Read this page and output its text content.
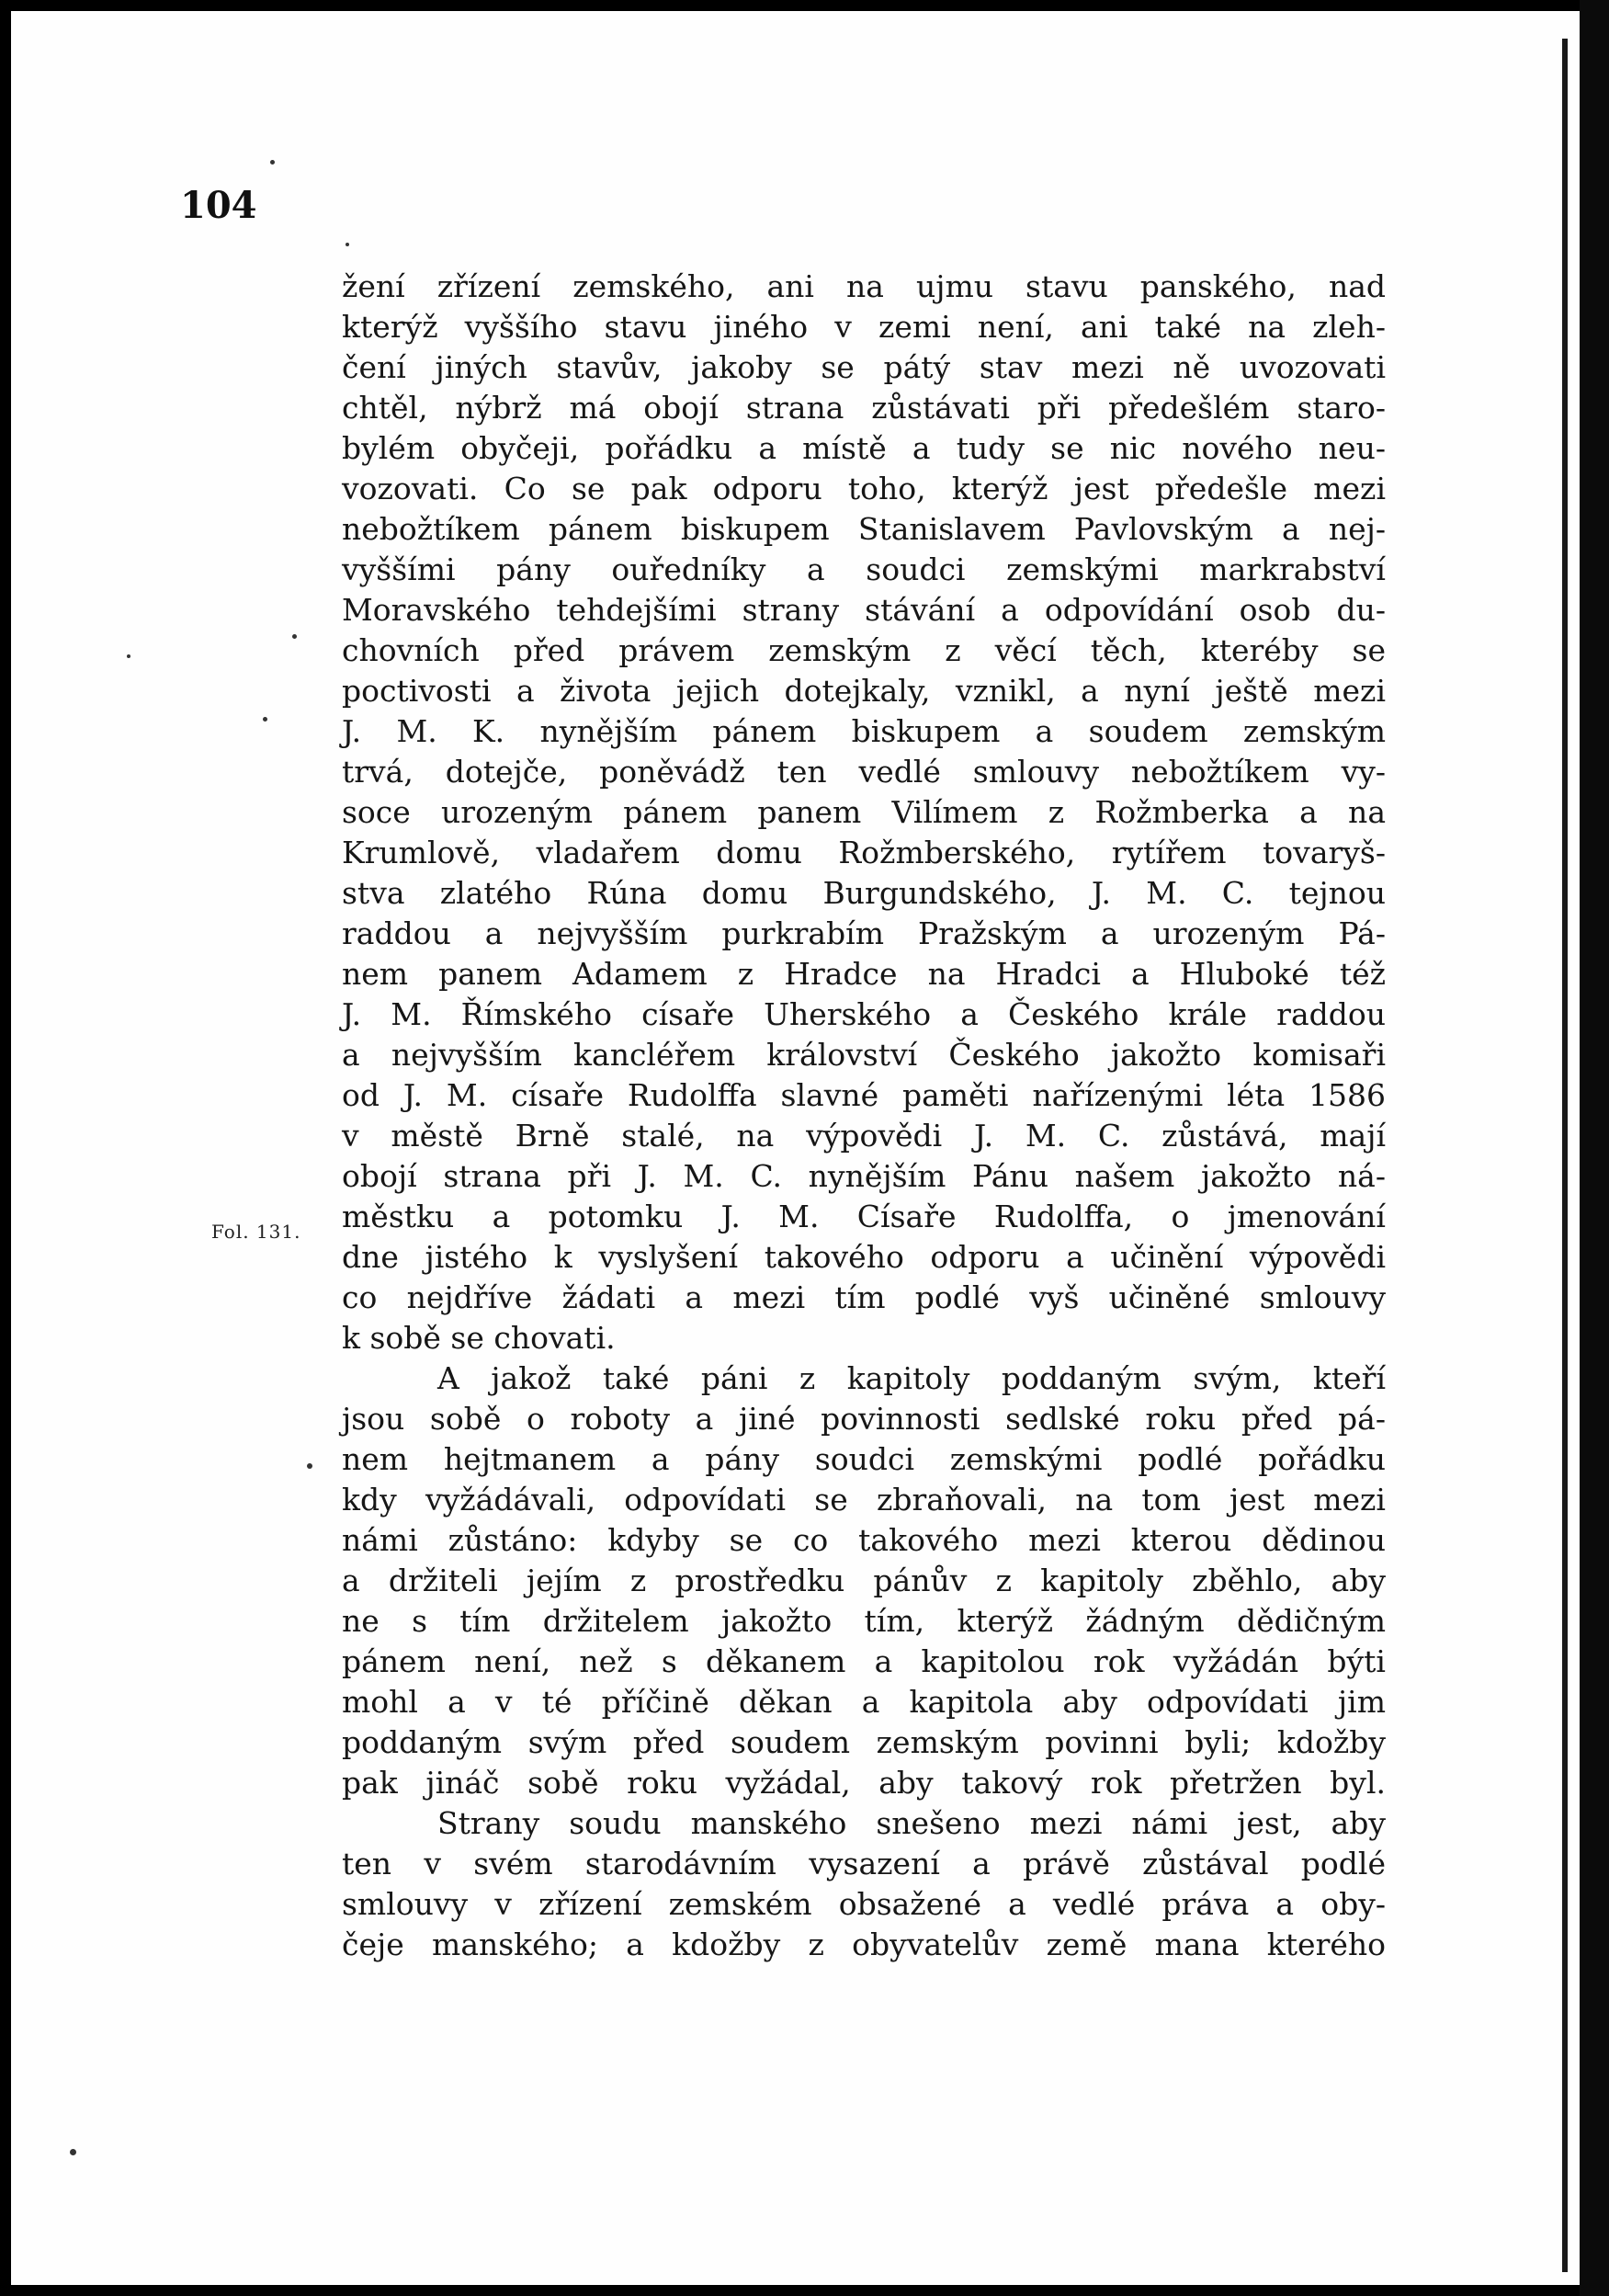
104
Fol. 131.
žení zřízení zemského, ani na ujmu stavu panského, nad
kterýž vyššího stavu jiného v zemi není, ani také na zleh-
čení jiných stavův, jakoby se pátý stav mezi ně uvozovati
chtěl, nýbrž má obojí strana zůstávati při předešlém staro-
bylém obyčeji, pořádku a místě a tudy se nic nového neu-
vozovati. Co se pak odporu toho, kterýž jest předešle mezi
nebožtíkem pánem biskupem Stanislavem Pavlovským a nej-
vyššími pány ouředníky a soudci zemskými markrabství
Moravského tehdejšími strany stávání a odpovídání osob du-
chovních před právem zemským z věcí těch, kteréby se
poctivosti a života jejich dotejkaly, vznikl, a nyní ještě mezi
J. M. K. nynějším pánem biskupem a soudem zemským
trvá, dotejče, poněvádž ten vedlé smlouvy nebožtíkem vy-
soce urozeným pánem panem Vilímem z Rožmberka a na
Krumlově, vladařem domu Rožmberského, rytířem tovaryš-
stva zlatého Rúna domu Burgundského, J. M. C. tejnou
raddou a nejvyšším purkrabím Pražským a urozeným Pá-
nem panem Adamem z Hradce na Hradci a Hluboké též
J. M. Římského císaře Uherského a Českého krále raddou
a nejvyšším kancléřem království Českého jakožto komisaři
od J. M. císaře Rudolffa slavné paměti nařízenými léta 1586
v městě Brně stalé, na výpovědi J. M. C. zůstává, mají
obojí strana při J. M. C. nynějším Pánu našem jakožto ná-
městku a potomku J. M. Císaře Rudolffa, o jmenování
dne jistého k vyslyšení takového odporu a učinění výpovědi
co nejdříve žádati a mezi tím podlé vyš učiněné smlouvy
k sobě se chovati.
A jakož také páni z kapitoly poddaným svým, kteří
jsou sobě o roboty a jiné povinnosti sedlské roku před pá-
nem hejtmanem a pány soudci zemskými podlé pořádku
kdy vyžádávali, odpovídati se zbraňovali, na tom jest mezi
námi zůstáno: kdyby se co takového mezi kterou dědinou
a držiteli jejím z prostředku pánův z kapitoly zběhlo, aby
ne s tím držitelem jakožto tím, kterýž žádným dědičným
pánem není, než s děkanem a kapitolou rok vyžádán býti
mohl a v té příčině děkan a kapitola aby odpovídati jim
poddaným svým před soudem zemským povinni byli; kdožby
pak jináč sobě roku vyžádal, aby takový rok přetržen byl.
Strany soudu manského snešeno mezi námi jest, aby
ten v svém starodávním vysazení a právě zůstával podlé
smlouvy v zřízení zemském obsažené a vedlé práva a oby-
čeje manského; a kdožby z obyvatelův země mana kterého
